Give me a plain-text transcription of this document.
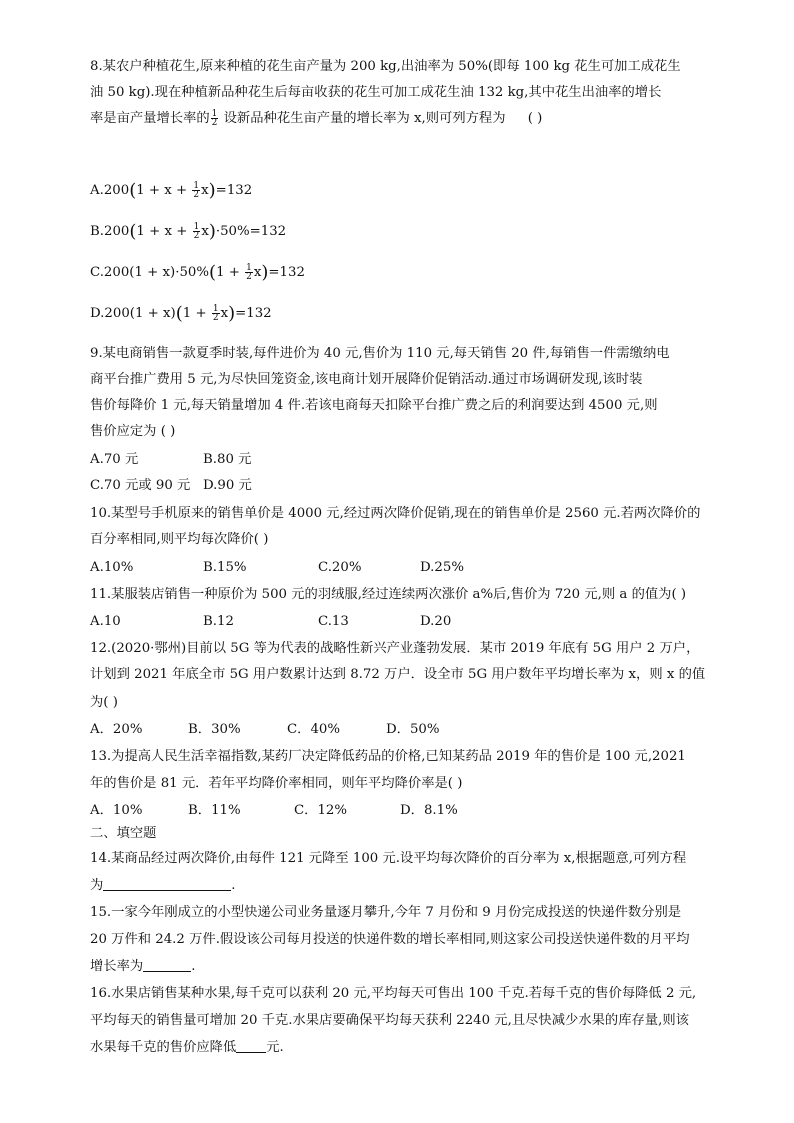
8.某农户种植花生,原来种植的花生亩产量为 200 kg,出油率为 50%(即每 100 kg 花生可加工成花生
油 50 kg).现在种植新品种花生后每亩收获的花生可加工成花生油 132 kg,其中花生出油率的增长
率是亩产量增长率的 $\frac{1}{2}$ 设新品种花生亩产量的增长率为 x,则可列方程为 ( )
$A.200(1 + x + \frac{1}{2} x)=132$
$B.200(1 + x + \frac{1}{2} x)\cdot 50\%=132$
$C.200(1 + x)\cdot 50\%(1 + \frac{1}{2} x)=132$
$D.200(1 + x)(1 + \frac{1}{2} x)=132$
9.某电商销售一款夏季时装,每件进价为 40 元,售价为 110 元,每天销售 20 件,每销售一件需缴纳电
商平台推广费用 5 元,为尽快回笼资金,该电商计划开展降价促销活动.通过市场调研发现,该时装
售价每降价 1 元,每天销量增加 4 件.若该电商每天扣除平台推广费之后的利润要达到 4500 元,则
售价应定为 ( )
A.70 元	B.80 元
C.70 元或 90 元 D.90 元
10.某型号手机原来的销售单价是 4000 元,经过两次降价促销,现在的销售单价是 2560 元.若两次降价的
百分率相同,则平均每次降价( )
A.10%	B.15%	C.20%	D.25%
11.某服装店销售一种原价为 500 元的羽绒服,经过连续两次涨价 a%后,售价为 720 元,则 a 的值为( )
A.10	B.12	C.13	D.20
12.(2020·鄂州)目前以 5G 等为代表的战略性新兴产业蓬勃发展．某市 2019 年底有 5G 用户 2 万户，
计划到 2021 年底全市 5G 用户数累计达到 8.72 万户．设全市 5G 用户数年平均增长率为 x，则 x 的值
为( )
A．20%	B．30%	C．40%	D．50%
13.为提高人民生活幸福指数,某药厂决定降低药品的价格,已知某药品 2019 年的售价是 100 元,2021
年的售价是 81 元．若年平均降价率相同，则年平均降价率是( )
A．10%	B．11%	C．12%	D．8.1%
二、填空题
14.某商品经过两次降价,由每件 121 元降至 100 元.设平均每次降价的百分率为 x,根据题意,可列方程
为	.
15.一家今年刚成立的小型快递公司业务量逐月攀升,今年 7 月份和 9 月份完成投送的快递件数分别是
20 万件和 24.2 万件.假设该公司每月投送的快递件数的增长率相同,则这家公司投送快递件数的月平均
增长率为	.
16.水果店销售某种水果,每千克可以获利 20 元,平均每天可售出 100 千克.若每千克的售价每降低 2 元,
平均每天的销售量可增加 20 千克.水果店要确保平均每天获利 2240 元,且尽快减少水果的库存量,则该
水果每千克的售价应降低 元.
